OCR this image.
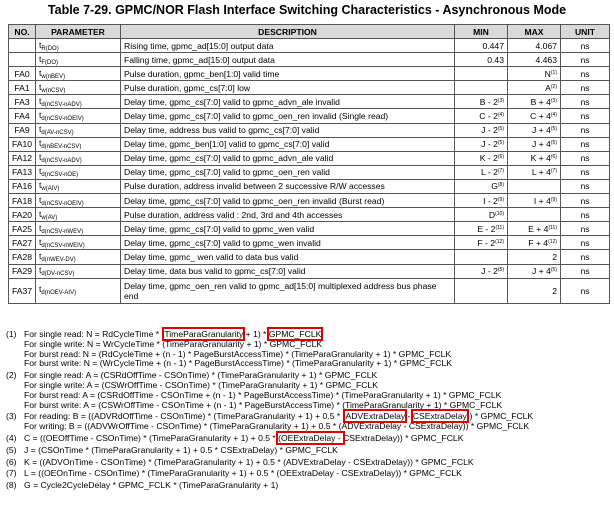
Table 7-29. GPMC/NOR Flash Interface Switching Characteristics - Asynchronous Mode
NO.	PARAMETER	DESCRIPTION	MIN	MAX	UNIT
	$t_{R(DO)}$	Rising time, gpmc_ad[15:0] output data	0.447	4.067	ns
	$t_{F(DO)}$	Falling time, gpmc_ad[15:0] output data	0.43	4.463	ns
FA0	$t_{w(nBEV)}$	Pulse duration, gpmc_ben[1:0] valid time		$N^{(1)}$	ns
FA1	$t_{w(nCSV)}$	Pulse duration, gpmc_cs[7:0] low		$A^{(2)}$	ns
FA3	$t_{d(nCSV-nADV)}$	Delay time, gpmc_cs[7:0] valid to gpmc_advn_ale invalid	B - 2$^{(3)}$	$B + 4^{(3)}$	ns
FA4	$t_{d(nCSV-nOEIV)}$	Delay time, gpmc_cs[7:0] valid to gpmc_oen_ren invalid (Single read)	C - 2$^{(4)}$	$C + 4^{(4)}$	ns
FA9	$t_{d(AV-nCSV)}$	Delay time, address bus valid to gpmc_cs[7:0] valid	J - 2$^{(5)}$	$J + 4^{(5)}$	ns
FA10	$t_{d(nBEV-nCSV)}$	Delay time, gpmc_ben[1:0] valid to gpmc_cs[7:0] valid	J - 2$^{(5)}$	$J + 4^{(5)}$	ns
FA12	$t_{d(nCSV-nADV)}$	Delay time, gpmc_cs[7:0] valid to gpmc_advn_ale valid	K - 2$^{(6)}$	$K + 4^{(6)}$	ns
FA13	$t_{d(nCSV-nOE)}$	Delay time, gpmc_cs[7:0] valid to gpmc_oen_ren valid	L - 2$^{(7)}$	$L + 4^{(7)}$	ns
FA16	$t_{w(AIV)}$	Pulse duration, address invalid between 2 successive R/W accesses	$G^{(8)}$		ns
FA18	$t_{d(nCSV-nOEIV)}$	Delay time, gpmc_cs[7:0] valid to gpmc_oen_ren invalid (Burst read)	I - 2$^{(9)}$	$I + 4^{(9)}$	ns
FA20	$t_{w(AV)}$	Pulse duration, address valid : 2nd, 3rd and 4th accesses	$D^{(10)}$		ns
FA25	$t_{d(nCSV-nWEV)}$	Delay time, gpmc_cs[7:0] valid to gpmc_wen valid	E - 2$^{(11)}$	$E + 4^{(11)}$	ns
FA27	$t_{d(nCSV-nWEIV)}$	Delay time, gpmc_cs[7:0] valid to gpmc_wen invalid	F - 2$^{(12)}$	$F + 4^{(12)}$	ns
FA28	$t_{d(nWEV-DV)}$	Delay time, gpmc_ wen valid to data bus valid		2	ns
FA29	$t_{d(DV-nCSV)}$	Delay time, data bus valid to gpmc_cs[7:0] valid	J - 2$^{(5)}$	$J + 4^{(5)}$	ns
FA37	$t_{d(nOEV-AIV)}$	Delay time, gpmc_oen_ren valid to gpmc_ad[15:0] multiplexed address bus phase end		2	ns
(1) For single read: N = RdCycleTime * (TimeParaGranularity + 1) * GPMC_FCLK
For single write: N = WrCycleTime * (TimeParaGranularity + 1) * GPMC_FCLK
For burst read: N = (RdCycleTime + (n - 1) * PageBurstAccessTime) * (TimeParaGranularity + 1) * GPMC_FCLK
For burst write: N = (WrCycleTime + (n - 1) * PageBurstAccessTime) * (TimeParaGranularity + 1) * GPMC_FCLK
(2) For single read: A = (CSRdOffTime - CSOnTime) * (TimeParaGranularity + 1) * GPMC_FCLK
For single write: A = (CSWrOffTime - CSOnTime) * (TimeParaGranularity + 1) * GPMC_FCLK
For burst read: A = (CSRdOffTime - CSOnTime + (n - 1) * PageBurstAccessTime) * (TimeParaGranularity + 1) * GPMC_FCLK
For burst write: A = (CSWrOffTime - CSOnTime + (n - 1) * PageBurstAccessTime) * (TimeParaGranularity + 1) * GPMC_FCLK
(3) For reading: B = ((ADVRdOffTime - CSOnTime) * (TimeParaGranularity + 1) + 0.5 * (ADVExtraDelay - CSExtraDelay)) * GPMC_FCLK
For writing: B = ((ADVWrOffTime - CSOnTime) * (TimeParaGranularity + 1) + 0.5 * (ADVExtraDelay - CSExtraDelay)) * GPMC_FCLK
(4) C = ((OEOffTime - CSOnTime) * (TimeParaGranularity + 1) + 0.5 * (OEExtraDelay - CSExtraDelay)) * GPMC_FCLK
(5) J = (CSOnTime * (TimeParaGranularity + 1) + 0.5 * CSExtraDelay) * GPMC_FCLK
(6) K = ((ADVOnTime - CSOnTime) * (TimeParaGranularity + 1) + 0.5 * (ADVExtraDelay - CSExtraDelay)) * GPMC_FCLK
(7) L = ((OEOnTime - CSOnTime) * (TimeParaGranularity + 1) + 0.5 * (OEExtraDelay - CSExtraDelay)) * GPMC_FCLK
(8) G = Cycle2CycleDelay * GPMC_FCLK * (TimeParaGranularity + 1)
